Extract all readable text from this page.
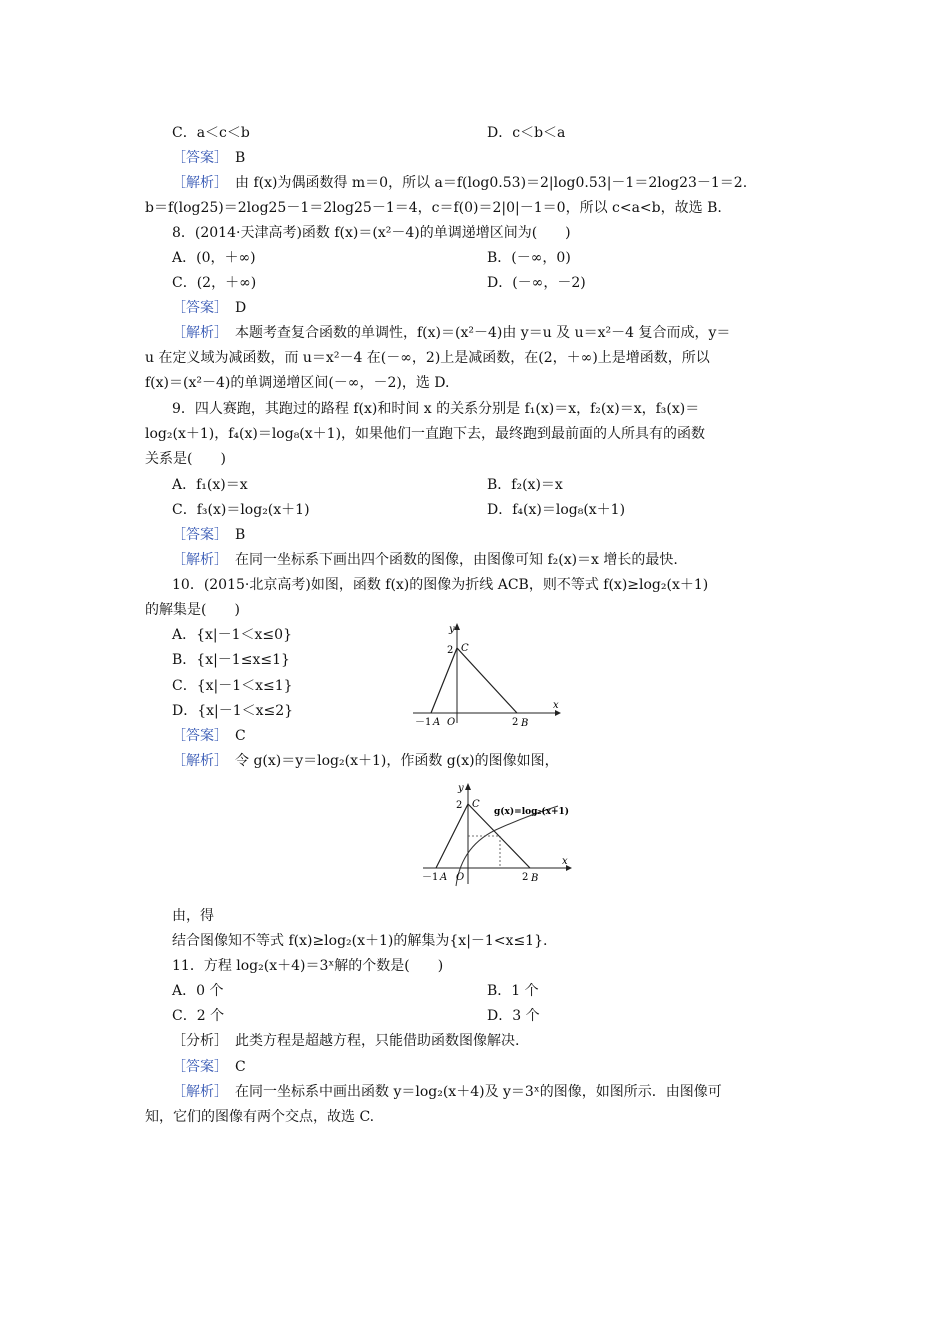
C．a＜c＜b	D．c＜b＜a
［答案］　 B
［解析］　 由 f(x)为偶函数得 m＝0，所以 a＝f(log0.53)＝2|log0.53|－1＝2log23－1＝2.
b＝f(log25)＝2log25－1＝2log25－1＝4，c＝f(0)＝2|0|－1＝0，所以 c<a<b，故选 B.
8．(2014·天津高考)函数 f(x)＝(x²－4)的单调递增区间为(　　)
A．(0，＋∞)	B．(－∞，0)
C．(2，＋∞)	D．(－∞，－2)
［答案］　 D
［解析］　 本题考查复合函数的单调性，f(x)＝(x²－4)由 y＝u 及 u＝x²－4 复合而成，y＝
u 在定义域为减函数，而 u＝x²－4 在(－∞，2)上是减函数，在(2，＋∞)上是增函数，所以
f(x)＝(x²－4)的单调递增区间(－∞，－2)，选 D.
9．四人赛跑，其跑过的路程 f(x)和时间 x 的关系分别是 f₁(x)＝x，f₂(x)＝x，f₃(x)＝
log₂(x＋1)，f₄(x)＝log₈(x＋1)，如果他们一直跑下去，最终跑到最前面的人所具有的函数
关系是(　　)
A．f₁(x)＝x	B．f₂(x)＝x
C．f₃(x)＝log₂(x＋1)	D．f₄(x)＝log₈(x＋1)
［答案］　 B
［解析］　 在同一坐标系下画出四个函数的图像，由图像可知 f₂(x)＝x 增长的最快.
10．(2015·北京高考)如图，函数 f(x)的图像为折线 ACB，则不等式 f(x)≥log₂(x＋1)
的解集是(　　)
A．{x|－1＜x≤0}
B．{x|－1≤x≤1}
C．{x|－1＜x≤1}
D．{x|－1＜x≤2}
［答案］　 C
［解析］　 令 g(x)＝y＝log₂(x＋1)，作函数 g(x)的图像如图，
y
x
2 C
－1 A O	2 B
g(x)=log₂(x+1)
y
x
2 C
－1 A O	2 B
由，得
结合图像知不等式 f(x)≥log₂(x＋1)的解集为{x|－1<x≤1}.
11．方程 log₂(x＋4)＝3ˣ解的个数是(　　)
A．0 个	B．1 个
C．2 个	D．3 个
［分析］　此类方程是超越方程，只能借助函数图像解决.
［答案］　 C
［解析］　 在同一坐标系中画出函数 y＝log₂(x＋4)及 y＝3ˣ的图像，如图所示．由图像可
知，它们的图像有两个交点，故选 C.
